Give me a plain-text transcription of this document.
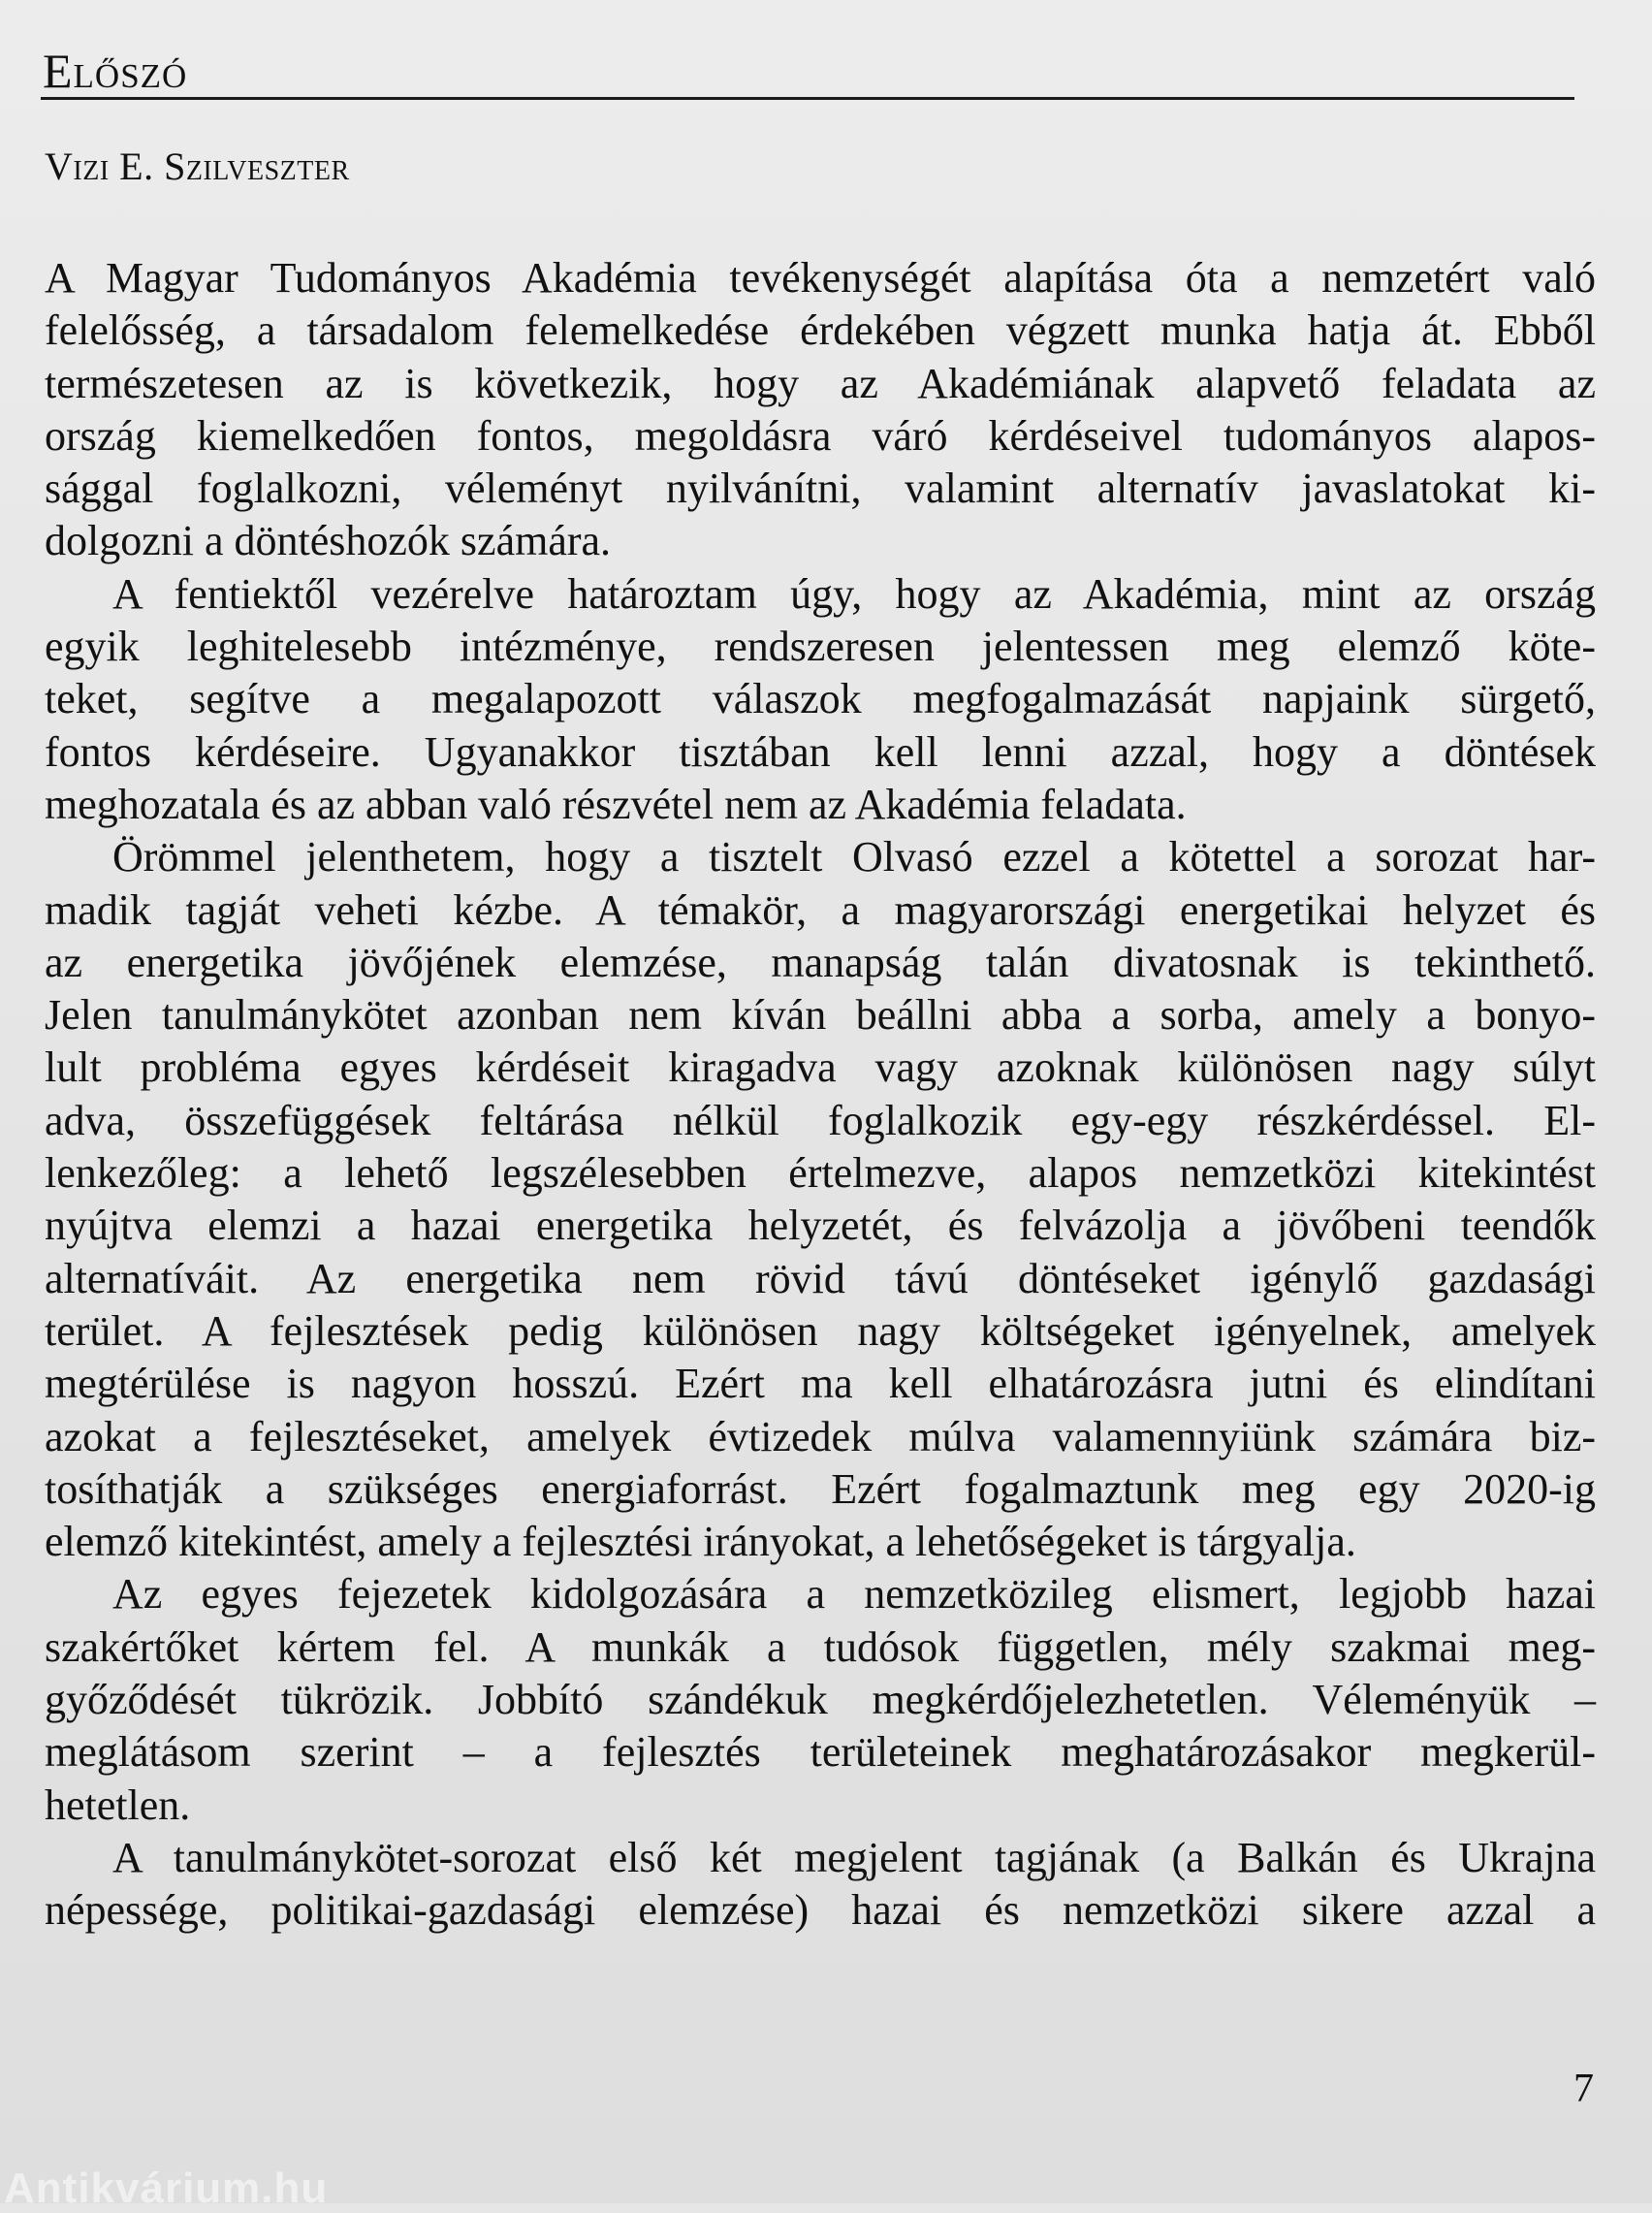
Előszó
Vizi E. Szilveszter
A Magyar Tudományos Akadémia tevékenységét alapítása óta a nemzetért való
felelősség, a társadalom felemelkedése érdekében végzett munka hatja át. Ebből
természetesen az is következik, hogy az Akadémiának alapvető feladata az
ország kiemelkedően fontos, megoldásra váró kérdéseivel tudományos alapos-
sággal foglalkozni, véleményt nyilvánítni, valamint alternatív javaslatokat ki-
dolgozni a döntéshozók számára.
A fentiektől vezérelve határoztam úgy, hogy az Akadémia, mint az ország
egyik leghitelesebb intézménye, rendszeresen jelentessen meg elemző köte-
teket, segítve a megalapozott válaszok megfogalmazását napjaink sürgető,
fontos kérdéseire. Ugyanakkor tisztában kell lenni azzal, hogy a döntések
meghozatala és az abban való részvétel nem az Akadémia feladata.
Örömmel jelenthetem, hogy a tisztelt Olvasó ezzel a kötettel a sorozat har-
madik tagját veheti kézbe. A témakör, a magyarországi energetikai helyzet és
az energetika jövőjének elemzése, manapság talán divatosnak is tekinthető.
Jelen tanulmánykötet azonban nem kíván beállni abba a sorba, amely a bonyo-
lult probléma egyes kérdéseit kiragadva vagy azoknak különösen nagy súlyt
adva, összefüggések feltárása nélkül foglalkozik egy-egy részkérdéssel. El-
lenkezőleg: a lehető legszélesebben értelmezve, alapos nemzetközi kitekintést
nyújtva elemzi a hazai energetika helyzetét, és felvázolja a jövőbeni teendők
alternatíváit. Az energetika nem rövid távú döntéseket igénylő gazdasági
terület. A fejlesztések pedig különösen nagy költségeket igényelnek, amelyek
megtérülése is nagyon hosszú. Ezért ma kell elhatározásra jutni és elindítani
azokat a fejlesztéseket, amelyek évtizedek múlva valamennyiünk számára biz-
tosíthatják a szükséges energiaforrást. Ezért fogalmaztunk meg egy 2020-ig
elemző kitekintést, amely a fejlesztési irányokat, a lehetőségeket is tárgyalja.
Az egyes fejezetek kidolgozására a nemzetközileg elismert, legjobb hazai
szakértőket kértem fel. A munkák a tudósok független, mély szakmai meg-
győződését tükrözik. Jobbító szándékuk megkérdőjelezhetetlen. Véleményük –
meglátásom szerint – a fejlesztés területeinek meghatározásakor megkerül-
hetetlen.
A tanulmánykötet-sorozat első két megjelent tagjának (a Balkán és Ukrajna
népessége, politikai-gazdasági elemzése) hazai és nemzetközi sikere azzal a
7
Antikvárium.hu
